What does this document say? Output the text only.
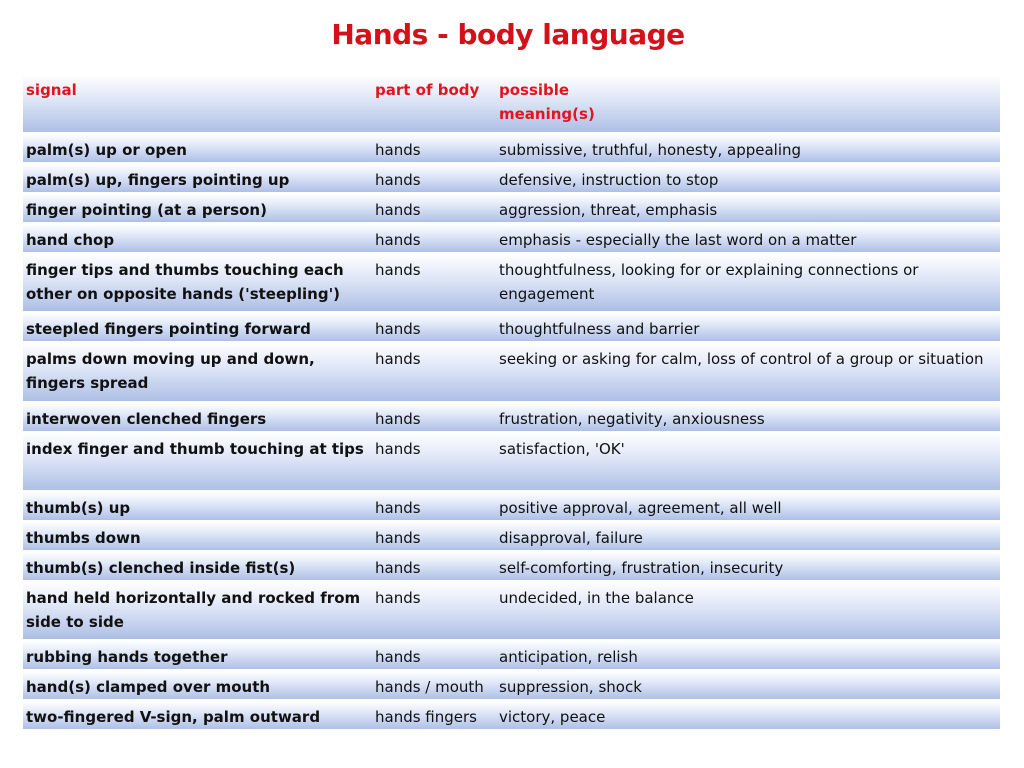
Hands - body language
signal	part of body	possible
meaning(s)
palm(s) up or open	hands	submissive, truthful, honesty, appealing
palm(s) up, fingers pointing up	hands	defensive, instruction to stop
finger pointing (at a person)	hands	aggression, threat, emphasis
hand chop	hands	emphasis - especially the last word on a matter
finger tips and thumbs touching each other on opposite hands ('steepling')	hands	thoughtfulness, looking for or explaining connections or engagement
steepled fingers pointing forward	hands	thoughtfulness and barrier
palms down moving up and down, fingers spread	hands	seeking or asking for calm, loss of control of a group or situation
interwoven clenched fingers	hands	frustration, negativity, anxiousness
index finger and thumb touching at tips	hands	satisfaction, 'OK'
thumb(s) up	hands	positive approval, agreement, all well
thumbs down	hands	disapproval, failure
thumb(s) clenched inside fist(s)	hands	self-comforting, frustration, insecurity
hand held horizontally and rocked from side to side	hands	undecided, in the balance
rubbing hands together	hands	anticipation, relish
hand(s) clamped over mouth	hands / mouth	suppression, shock
two-fingered V-sign, palm outward	hands fingers	victory, peace
